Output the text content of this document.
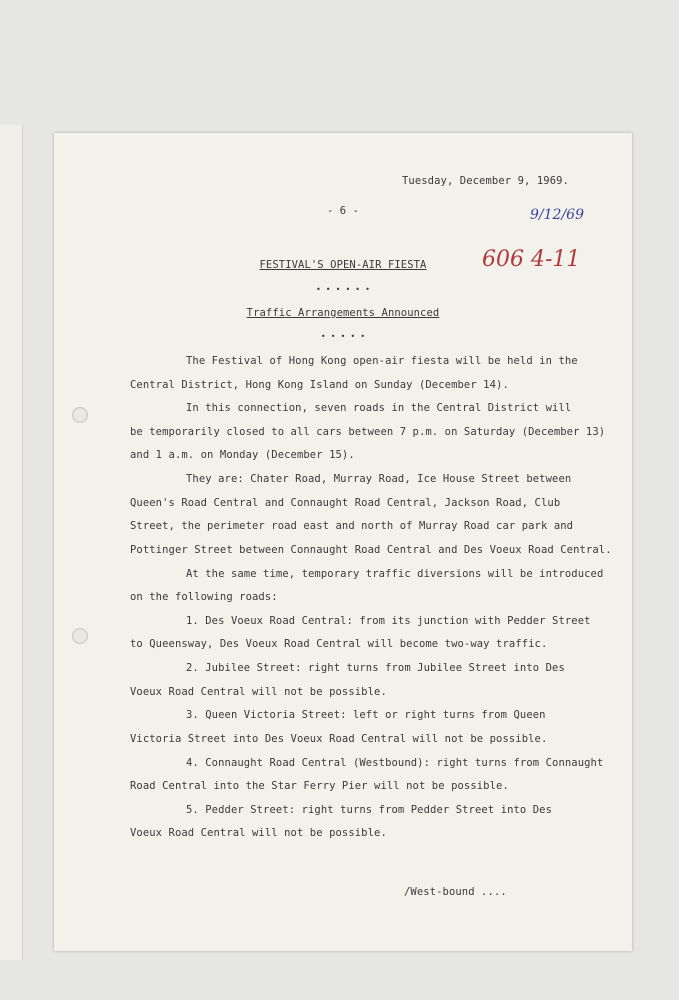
Tuesday, December 9, 1969.
- 6 -
FESTIVAL'S OPEN-AIR FIESTA
• • • • • •
Traffic Arrangements Announced
• • • • •
9/12/69
606 4-11
The Festival of Hong Kong open-air fiesta will be held in the
Central District, Hong Kong Island on Sunday (December 14).
In this connection, seven roads in the Central District will
be temporarily closed to all cars between 7 p.m. on Saturday (December 13)
and 1 a.m. on Monday (December 15).
They are: Chater Road, Murray Road, Ice House Street between
Queen's Road Central and Connaught Road Central, Jackson Road, Club
Street, the perimeter road east and north of Murray Road car park and
Pottinger Street between Connaught Road Central and Des Voeux Road Central.
At the same time, temporary traffic diversions will be introduced
on the following roads:
1. Des Voeux Road Central: from its junction with Pedder Street
to Queensway, Des Voeux Road Central will become two-way traffic.
2. Jubilee Street: right turns from Jubilee Street into Des
Voeux Road Central will not be possible.
3. Queen Victoria Street: left or right turns from Queen
Victoria Street into Des Voeux Road Central will not be possible.
4. Connaught Road Central (Westbound): right turns from Connaught
Road Central into the Star Ferry Pier will not be possible.
5. Pedder Street: right turns from Pedder Street into Des
Voeux Road Central will not be possible.
/West-bound ....
